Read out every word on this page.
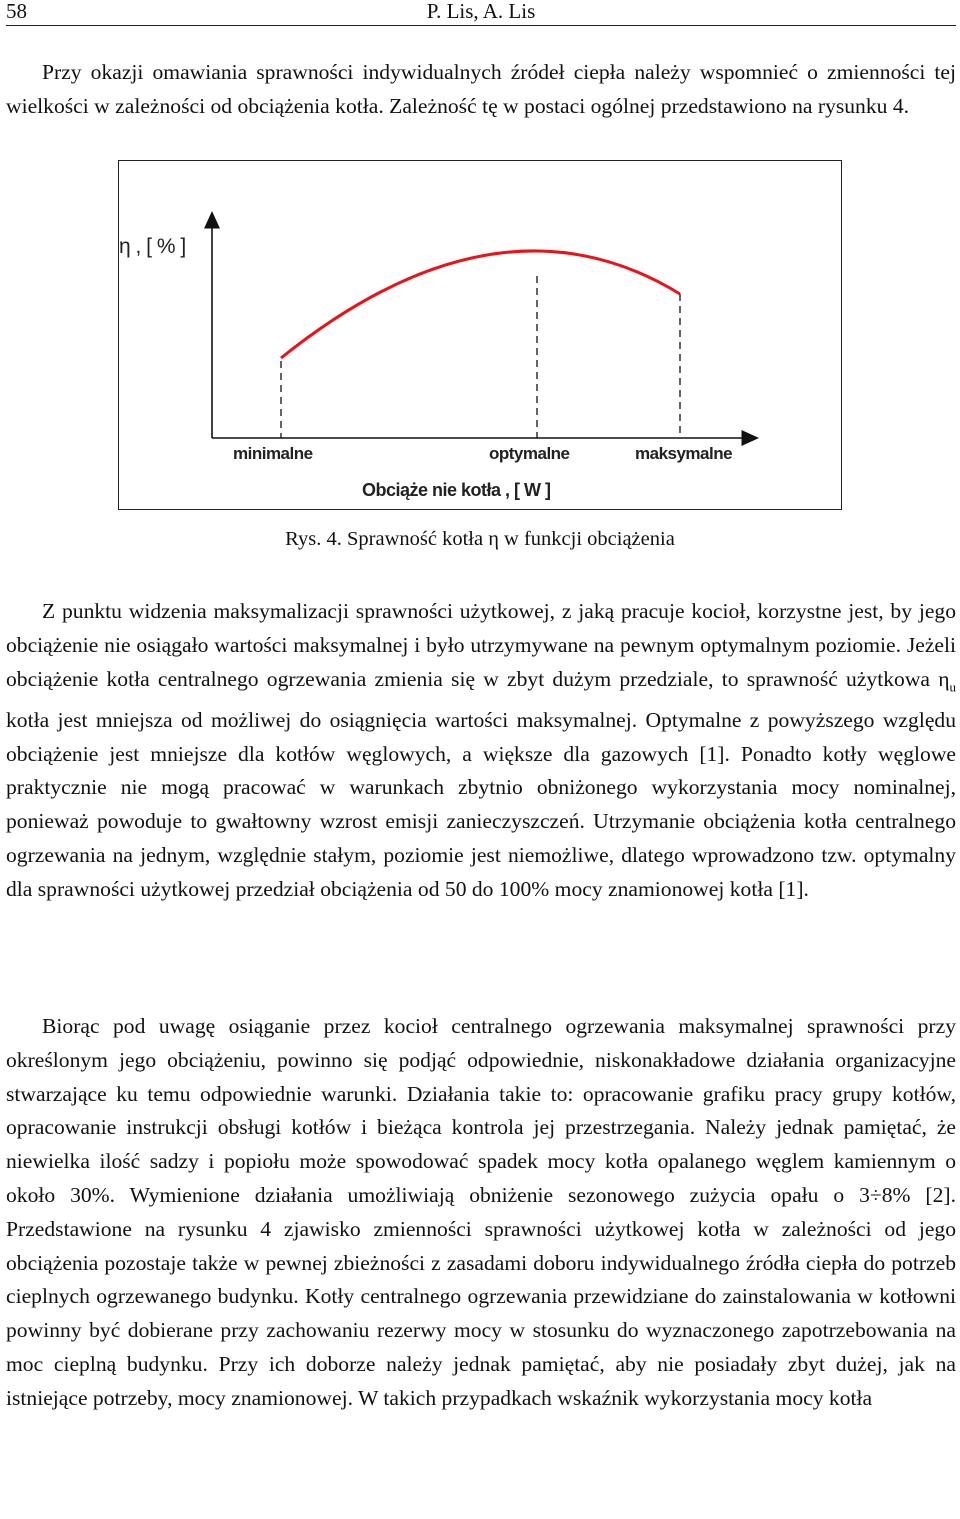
58	P. Lis, A. Lis

Przy okazji omawiania sprawności indywidualnych źródeł ciepła należy wspomnieć o zmienności tej wielkości w zależności od obciążenia kotła. Zależność tę w postaci ogólnej przedstawiono na rysunku 4.

η , [ % ]
minimalne	optymalne	maksymalne
Obciąże nie kotła , [ W ]
Rys. 4. Sprawność kotła η w funkcji obciążenia

Z punktu widzenia maksymalizacji sprawności użytkowej, z jaką pracuje kocioł, korzystne jest, by jego obciążenie nie osiągało wartości maksymalnej i było utrzymywane na pewnym optymalnym poziomie. Jeżeli obciążenie kotła centralnego ogrzewania zmienia się w zbyt dużym przedziale, to sprawność użytkowa $\eta_u$ kotła jest mniejsza od możliwej do osiągnięcia wartości maksymalnej. Optymalne z powyższego względu obciążenie jest mniejsze dla kotłów węglowych, a większe dla gazowych [1]. Ponadto kotły węglowe praktycznie nie mogą pracować w warunkach zbytnio obniżonego wykorzystania mocy nominalnej, ponieważ powoduje to gwałtowny wzrost emisji zanieczyszczeń. Utrzymanie obciążenia kotła centralnego ogrzewania na jednym, względnie stałym, poziomie jest niemożliwe, dlatego wprowadzono tzw. optymalny dla sprawności użytkowej przedział obciążenia od 50 do 100% mocy znamionowej kotła [1].

Biorąc pod uwagę osiąganie przez kocioł centralnego ogrzewania maksymalnej sprawności przy określonym jego obciążeniu, powinno się podjąć odpowiednie, niskonakładowe działania organizacyjne stwarzające ku temu odpowiednie warunki. Działania takie to: opracowanie grafiku pracy grupy kotłów, opracowanie instrukcji obsługi kotłów i bieżąca kontrola jej przestrzegania. Należy jednak pamiętać, że niewielka ilość sadzy i popiołu może spowodować spadek mocy kotła opalanego węglem kamiennym o około 30%. Wymienione działania umożliwiają obniżenie sezonowego zużycia opału o 3÷8% [2]. Przedstawione na rysunku 4 zjawisko zmienności sprawności użytkowej kotła w zależności od jego obciążenia pozostaje także w pewnej zbieżności z zasadami doboru indywidualnego źródła ciepła do potrzeb cieplnych ogrzewanego budynku. Kotły centralnego ogrzewania przewidziane do zainstalowania w kotłowni powinny być dobierane przy zachowaniu rezerwy mocy w stosunku do wyznaczonego zapotrzebowania na moc cieplną budynku. Przy ich doborze należy jednak pamiętać, aby nie posiadały zbyt dużej, jak na istniejące potrzeby, mocy znamionowej. W takich przypadkach wskaźnik wykorzystania mocy kotła
